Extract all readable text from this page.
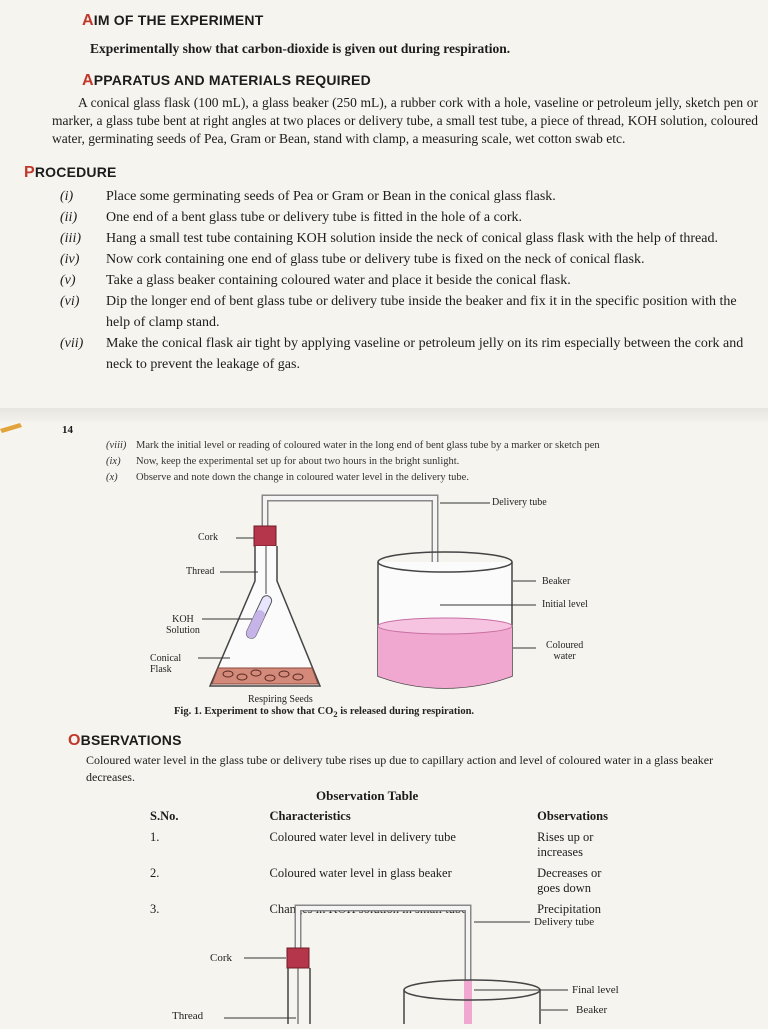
AIM OF THE EXPERIMENT
Experimentally show that carbon-dioxide is given out during respiration.
APPARATUS AND MATERIALS REQUIRED
A conical glass flask (100 mL), a glass beaker (250 mL), a rubber cork with a hole, vaseline or petroleum jelly, sketch pen or marker, a glass tube bent at right angles at two places or delivery tube, a small test tube, a piece of thread, KOH solution, coloured water, germinating seeds of Pea, Gram or Bean, stand with clamp, a measuring scale, wet cotton swab etc.
PROCEDURE
(i) Place some germinating seeds of Pea or Gram or Bean in the conical glass flask.
(ii) One end of a bent glass tube or delivery tube is fitted in the hole of a cork.
(iii) Hang a small test tube containing KOH solution inside the neck of conical glass flask with the help of thread.
(iv) Now cork containing one end of glass tube or delivery tube is fixed on the neck of conical flask.
(v) Take a glass beaker containing coloured water and place it beside the conical flask.
(vi) Dip the longer end of bent glass tube or delivery tube inside the beaker and fix it in the specific position with the help of clamp stand.
(vii) Make the conical flask air tight by applying vaseline or petroleum jelly on its rim especially between the cork and neck to prevent the leakage of gas.
14
(viii) Mark the initial level or reading of coloured water in the long end of bent glass tube by a marker or sketch pen
(ix) Now, keep the experimental set up for about two hours in the bright sunlight.
(x) Observe and note down the change in coloured water level in the delivery tube.
Delivery tube
Cork
Thread
KOH
Solution
Conical
Flask
Beaker
Initial level
Coloured
water
Respiring Seeds
Fig. 1. Experiment to show that $CO_2$ is released during respiration.
OBSERVATIONS
Coloured water level in the glass tube or delivery tube rises up due to capillary action and level of coloured water in a glass beaker decreases.
Observation Table
S.No.	Characteristics	Observations
1.	Coloured water level in delivery tube	Rises up or increases
2.	Coloured water level in glass beaker	Decreases or goes down
3.	Changes in KOH solution in small tube	Precipitation
Delivery tube
Cork
Final level
Beaker
Thread
